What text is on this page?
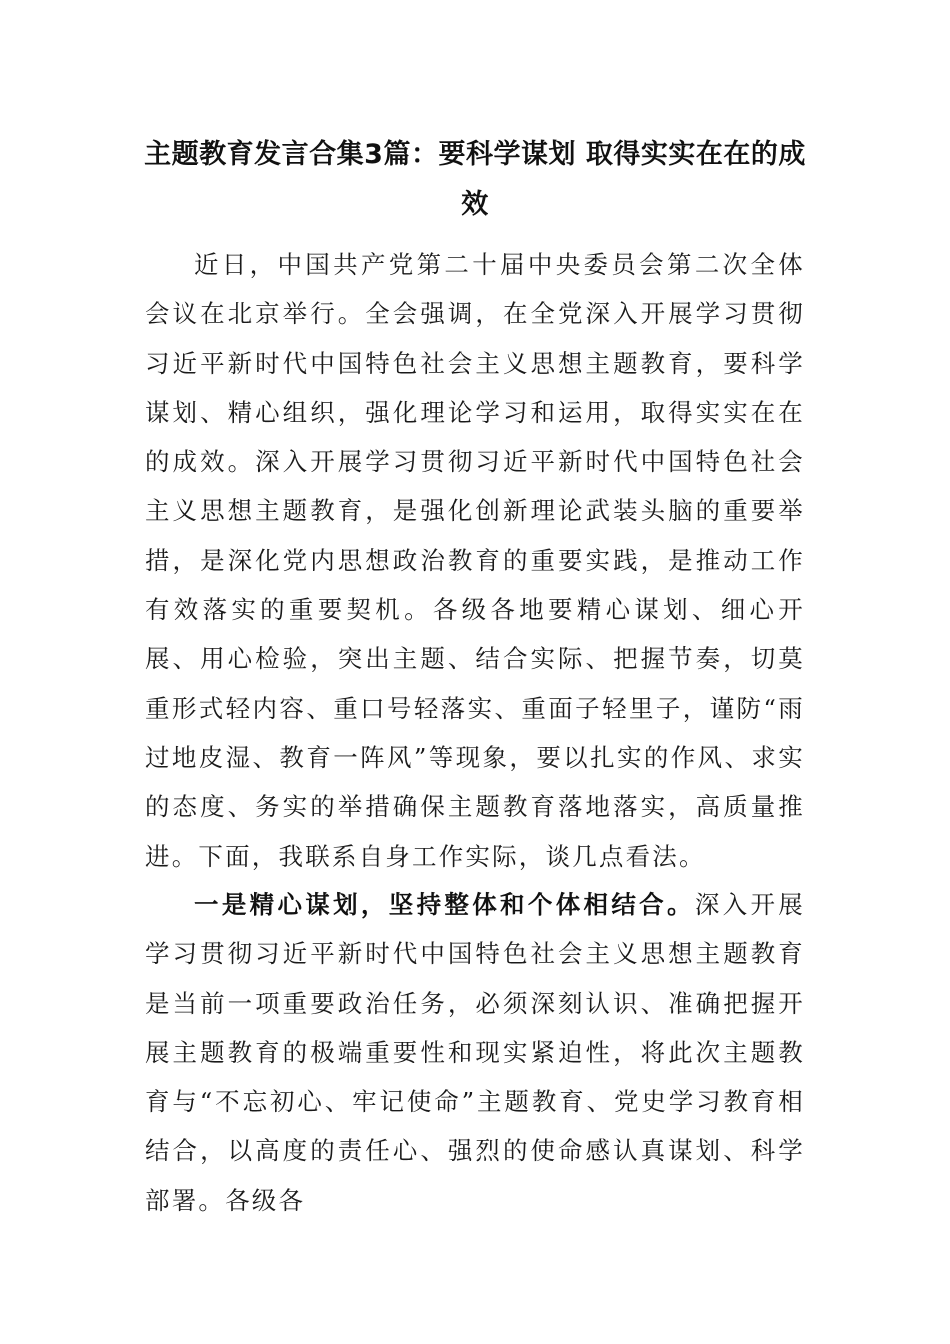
主题教育发言合集3篇：要科学谋划 取得实实在在的成效

近日，中国共产党第二十届中央委员会第二次全体会议在北京举行。全会强调，在全党深入开展学习贯彻习近平新时代中国特色社会主义思想主题教育，要科学谋划、精心组织，强化理论学习和运用，取得实实在在的成效。深入开展学习贯彻习近平新时代中国特色社会主义思想主题教育，是强化创新理论武装头脑的重要举措，是深化党内思想政治教育的重要实践，是推动工作有效落实的重要契机。各级各地要精心谋划、细心开展、用心检验，突出主题、结合实际、把握节奏，切莫重形式轻内容、重口号轻落实、重面子轻里子，谨防“雨过地皮湿、教育一阵风”等现象，要以扎实的作风、求实的态度、务实的举措确保主题教育落地落实，高质量推进。下面，我联系自身工作实际，谈几点看法。

一是精心谋划，坚持整体和个体相结合。深入开展学习贯彻习近平新时代中国特色社会主义思想主题教育是当前一项重要政治任务，必须深刻认识、准确把握开展主题教育的极端重要性和现实紧迫性，将此次主题教育与“不忘初心、牢记使命”主题教育、党史学习教育相结合，以高度的责任心、强烈的使命感认真谋划、科学部署。各级各
